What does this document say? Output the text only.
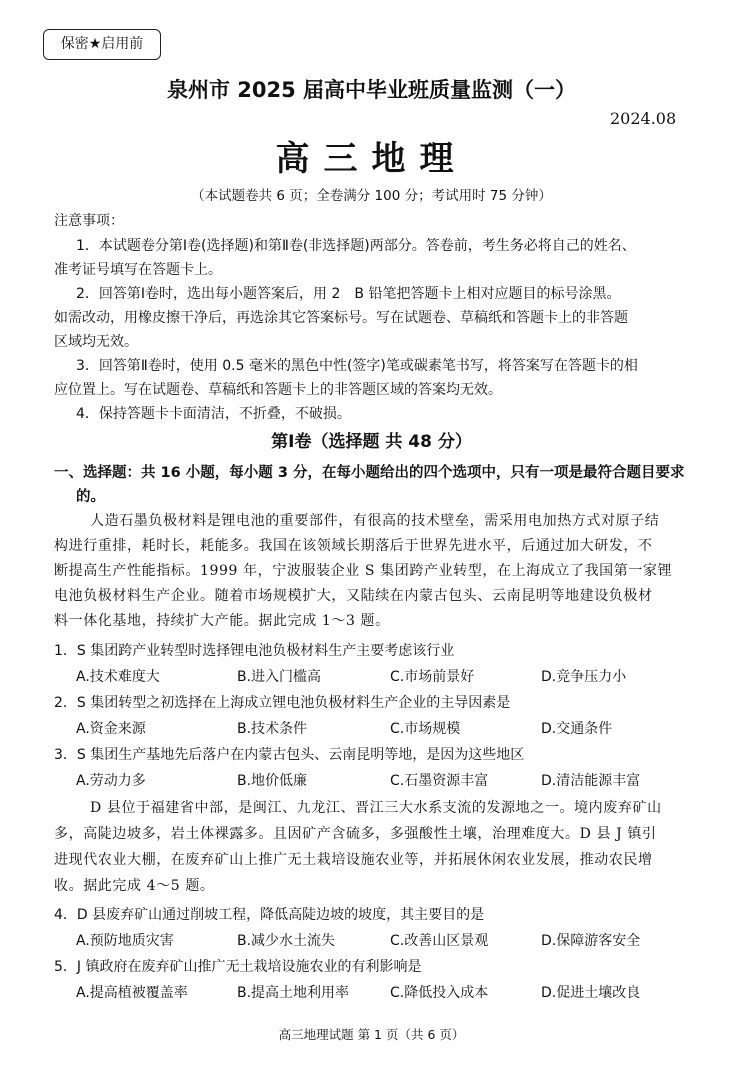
保密★启用前
泉州市 2025 届高中毕业班质量监测（一）
2024.08
高三地理
（本试题卷共 6 页；全卷满分 100 分；考试用时 75 分钟）
注意事项：
1．本试题卷分第Ⅰ卷(选择题)和第Ⅱ卷(非选择题)两部分。答卷前，考生务必将自己的姓名、
准考证号填写在答题卡上。
2．回答第Ⅰ卷时，选出每小题答案后，用 2　B 铅笔把答题卡上相对应题目的标号涂黑。
如需改动，用橡皮擦干净后，再选涂其它答案标号。写在试题卷、草稿纸和答题卡上的非答题
区域均无效。
3．回答第Ⅱ卷时，使用 0.5 毫米的黑色中性(签字)笔或碳素笔书写，将答案写在答题卡的相
应位置上。写在试题卷、草稿纸和答题卡上的非答题区域的答案均无效。
4．保持答题卡卡面清洁，不折叠，不破损。
第Ⅰ卷（选择题 共 48 分）
一、选择题：共 16 小题，每小题 3 分，在每小题给出的四个选项中，只有一项是最符合题目要求
的。
人造石墨负极材料是锂电池的重要部件，有很高的技术壁垒，需采用电加热方式对原子结
构进行重排，耗时长，耗能多。我国在该领域长期落后于世界先进水平，后通过加大研发，不
断提高生产性能指标。1999 年，宁波服装企业 S 集团跨产业转型，在上海成立了我国第一家锂
电池负极材料生产企业。随着市场规模扩大，又陆续在内蒙古包头、云南昆明等地建设负极材
料一体化基地，持续扩大产能。据此完成 1～3 题。
1．S 集团跨产业转型时选择锂电池负极材料生产主要考虑该行业
A.技术难度大	B.进入门槛高	C.市场前景好	D.竞争压力小
2．S 集团转型之初选择在上海成立锂电池负极材料生产企业的主导因素是
A.资金来源	B.技术条件	C.市场规模	D.交通条件
3．S 集团生产基地先后落户在内蒙古包头、云南昆明等地，是因为这些地区
A.劳动力多	B.地价低廉	C.石墨资源丰富	D.清洁能源丰富
D 县位于福建省中部，是闽江、九龙江、晋江三大水系支流的发源地之一。境内废弃矿山
多，高陡边坡多，岩土体裸露多。且因矿产含硫多，多强酸性土壤，治理难度大。D 县 J 镇引
进现代农业大棚，在废弃矿山上推广无土栽培设施农业等，并拓展休闲农业发展，推动农民增
收。据此完成 4～5 题。
4．D 县废弃矿山通过削坡工程，降低高陡边坡的坡度，其主要目的是
A.预防地质灾害	B.减少水土流失	C.改善山区景观	D.保障游客安全
5．J 镇政府在废弃矿山推广无土栽培设施农业的有利影响是
A.提高植被覆盖率	B.提高土地利用率	C.降低投入成本	D.促进土壤改良
高三地理试题 第 1 页（共 6 页）
